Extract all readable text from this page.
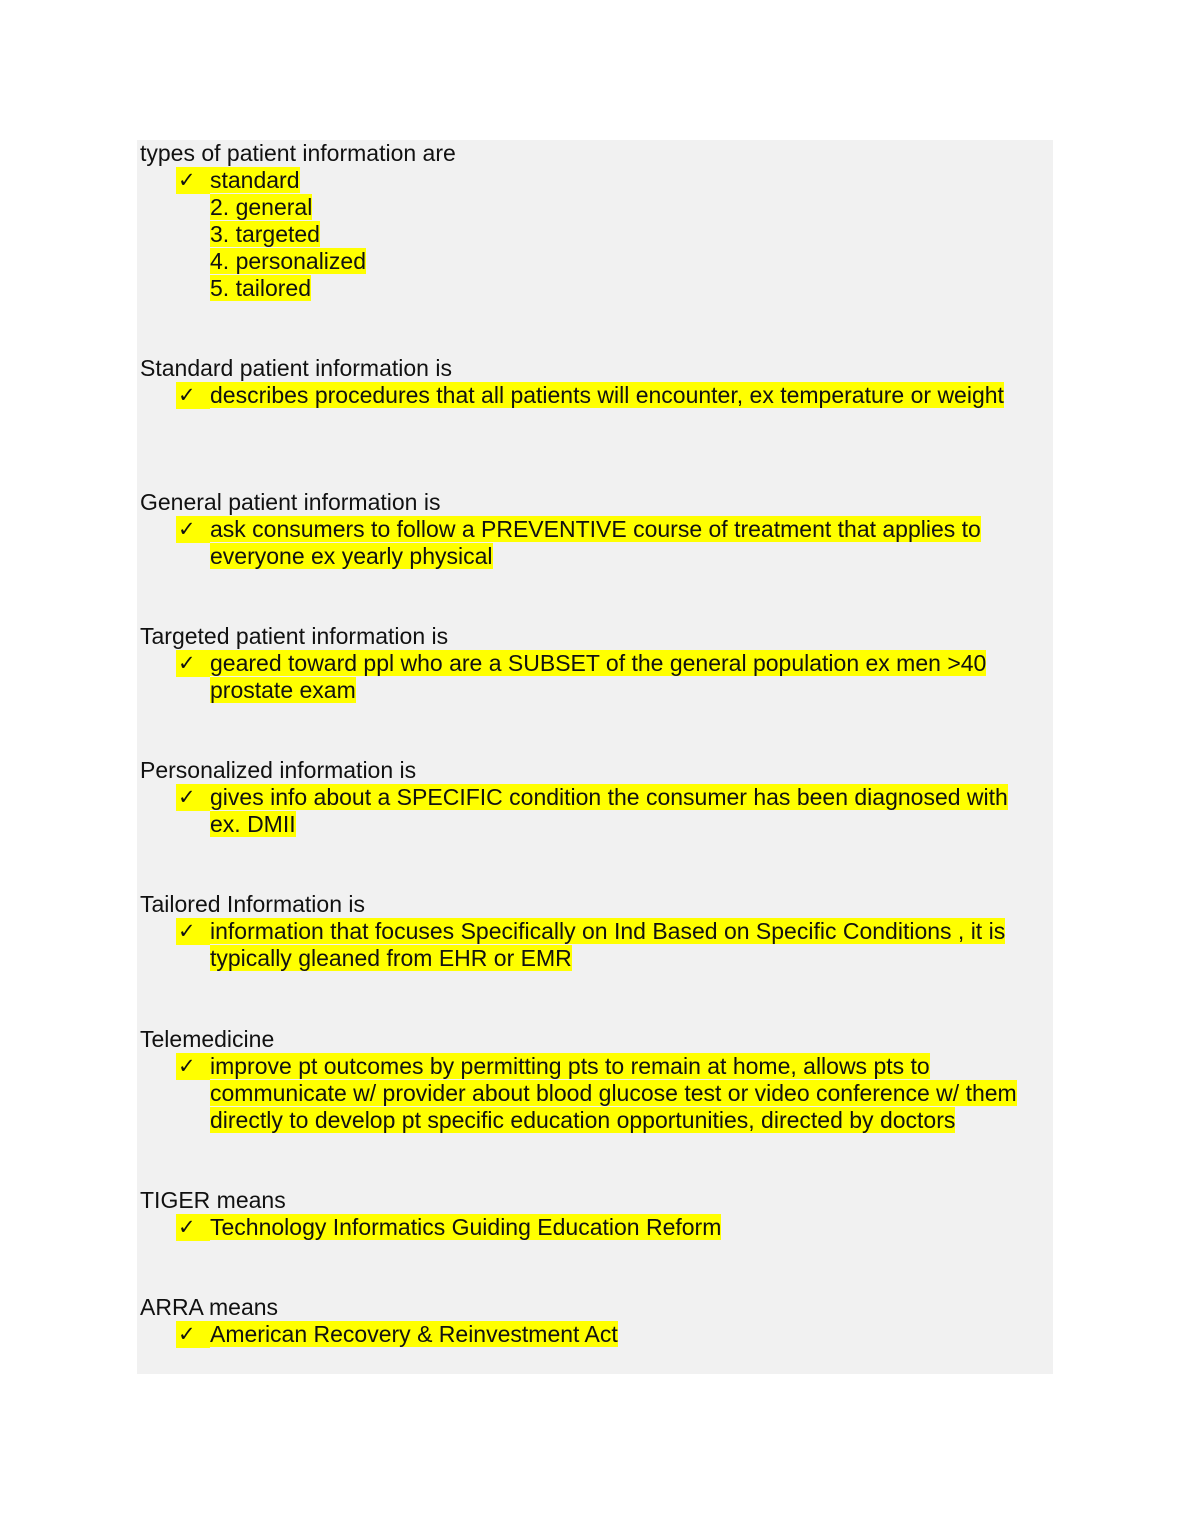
types of patient information are
✓ standard
2. general
3. targeted
4. personalized
5. tailored
Standard patient information is
✓ describes procedures that all patients will encounter, ex temperature or weight
General patient information is
✓ ask consumers to follow a PREVENTIVE course of treatment that applies to
everyone ex yearly physical
Targeted patient information is
✓ geared toward ppl who are a SUBSET of the general population ex men >40
prostate exam
Personalized information is
✓ gives info about a SPECIFIC condition the consumer has been diagnosed with
ex. DMII
Tailored Information is
✓ information that focuses Specifically on Ind Based on Specific Conditions , it is
typically gleaned from EHR or EMR
Telemedicine
✓ improve pt outcomes by permitting pts to remain at home, allows pts to
communicate w/ provider about blood glucose test or video conference w/ them
directly to develop pt specific education opportunities, directed by doctors
TIGER means
✓ Technology Informatics Guiding Education Reform
ARRA means
✓ American Recovery & Reinvestment Act
